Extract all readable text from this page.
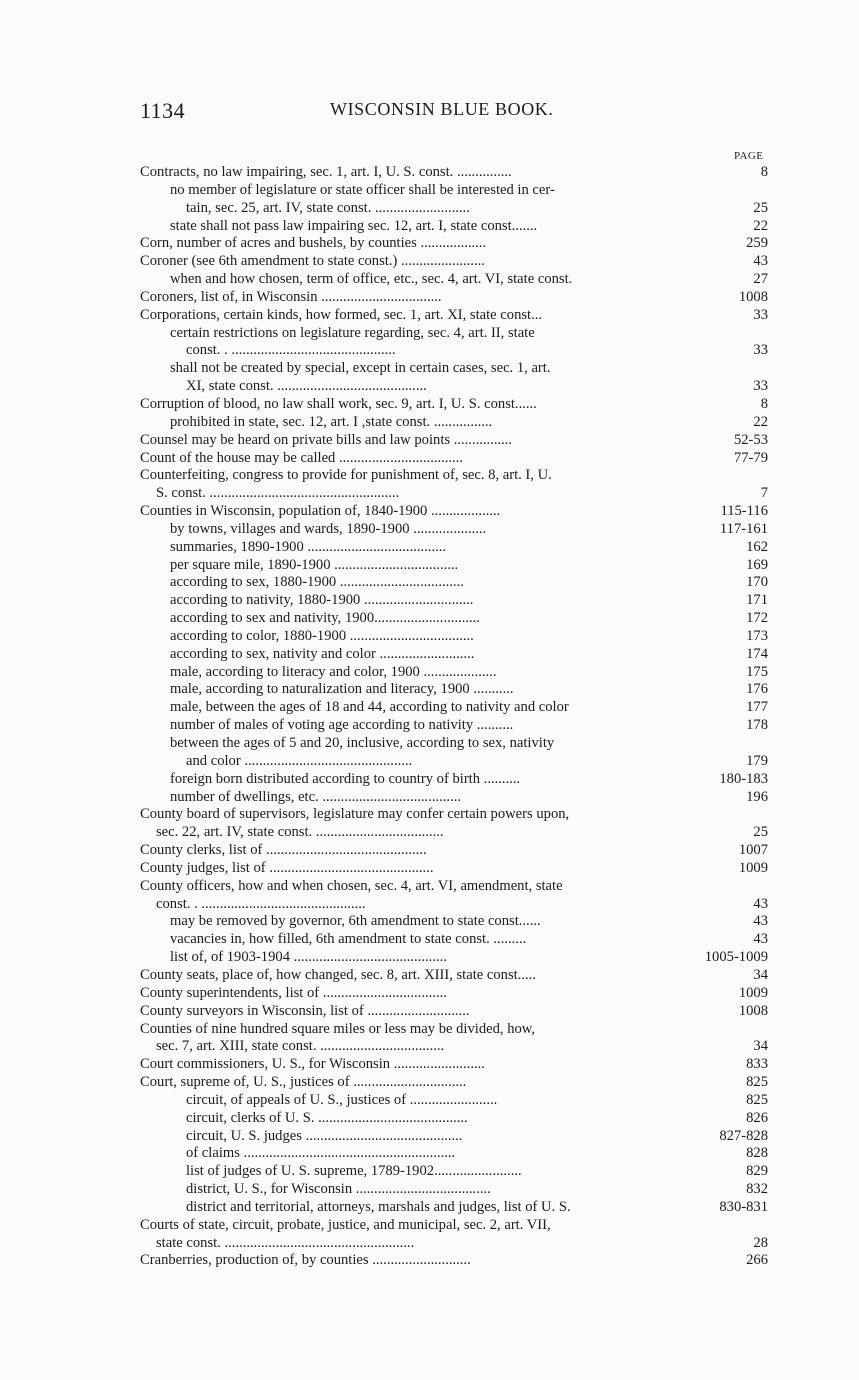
1134	WISCONSIN BLUE BOOK.
PAGE
Contracts, no law impairing, sec. 1, art. I, U. S. const. ...............	8
no member of legislature or state officer shall be interested in cer-
tain, sec. 25, art. IV, state const. ..........................	25
state shall not pass law impairing sec. 12, art. I, state const.......	22
Corn, number of acres and bushels, by counties ..................	259
Coroner (see 6th amendment to state const.) .......................	43
when and how chosen, term of office, etc., sec. 4, art. VI, state const.	27
Coroners, list of, in Wisconsin .................................	1008
Corporations, certain kinds, how formed, sec. 1, art. XI, state const...	33
certain restrictions on legislature regarding, sec. 4, art. II, state
const. . .............................................	33
shall not be created by special, except in certain cases, sec. 1, art.
XI, state const. .........................................	33
Corruption of blood, no law shall work, sec. 9, art. I, U. S. const......	8
prohibited in state, sec. 12, art. I ,state const. ................	22
Counsel may be heard on private bills and law points ................	52-53
Count of the house may be called ..................................	77-79
Counterfeiting, congress to provide for punishment of, sec. 8, art. I, U.
S. const. ....................................................	7
Counties in Wisconsin, population of, 1840-1900 ...................	115-116
by towns, villages and wards, 1890-1900 ....................	117-161
summaries, 1890-1900 ......................................	162
per square mile, 1890-1900 ..................................	169
according to sex, 1880-1900 ..................................	170
according to nativity, 1880-1900 ..............................	171
according to sex and nativity, 1900.............................	172
according to color, 1880-1900 ..................................	173
according to sex, nativity and color ..........................	174
male, according to literacy and color, 1900 ....................	175
male, according to naturalization and literacy, 1900 ...........	176
male, between the ages of 18 and 44, according to nativity and color	177
number of males of voting age according to nativity ..........	178
between the ages of 5 and 20, inclusive, according to sex, nativity
and color ..............................................	179
foreign born distributed according to country of birth ..........	180-183
number of dwellings, etc. ......................................	196
County board of supervisors, legislature may confer certain powers upon,
sec. 22, art. IV, state const. ...................................	25
County clerks, list of ............................................	1007
County judges, list of .............................................	1009
County officers, how and when chosen, sec. 4, art. VI, amendment, state
const. . .............................................	43
may be removed by governor, 6th amendment to state const......	43
vacancies in, how filled, 6th amendment to state const. .........	43
list of, of 1903-1904 ..........................................	1005-1009
County seats, place of, how changed, sec. 8, art. XIII, state const.....	34
County superintendents, list of ..................................	1009
County surveyors in Wisconsin, list of ............................	1008
Counties of nine hundred square miles or less may be divided, how,
sec. 7, art. XIII, state const. ..................................	34
Court commissioners, U. S., for Wisconsin .........................	833
Court, supreme of, U. S., justices of ...............................	825
circuit, of appeals of U. S., justices of ........................	825
circuit, clerks of U. S. .........................................	826
circuit, U. S. judges ...........................................	827-828
of claims ..........................................................	828
list of judges of U. S. supreme, 1789-1902........................	829
district, U. S., for Wisconsin .....................................	832
district and territorial, attorneys, marshals and judges, list of U. S.	830-831
Courts of state, circuit, probate, justice, and municipal, sec. 2, art. VII,
state const. ....................................................	28
Cranberries, production of, by counties ...........................	266
